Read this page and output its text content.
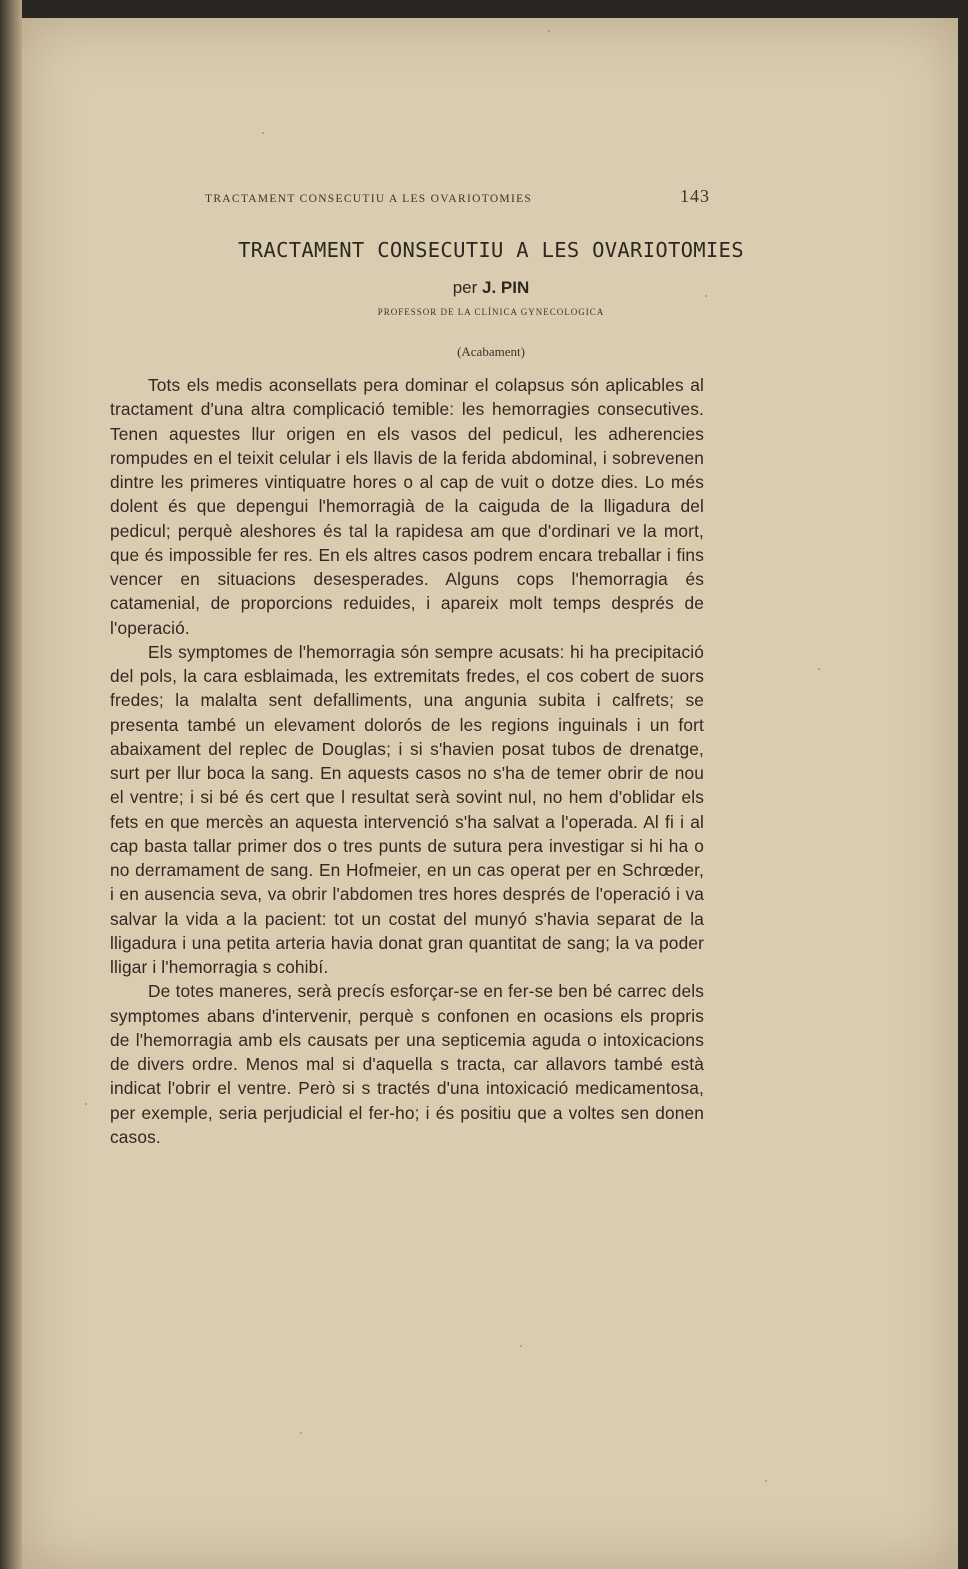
TRACTAMENT CONSECUTIU A LES OVARIOTOMIES	143
TRACTAMENT CONSECUTIU A LES OVARIOTOMIES
per J. PIN
PROFESSOR DE LA CLÍNICA GYNECOLOGICA
(Acabament)

Tots els medis aconsellats pera dominar el colapsus són aplicables al tractament d'una altra complicació temible: les hemorragies consecutives. Tenen aquestes llur origen en els vasos del pedicul, les adherencies rompudes en el teixit celular i els llavis de la ferida abdominal, i sobrevenen dintre les primeres vintiquatre hores o al cap de vuit o dotze dies. Lo més dolent és que depengui l'hemorragià de la caiguda de la lligadura del pedicul; perquè aleshores és tal la rapidesa am que d'ordinari ve la mort, que és impossible fer res. En els altres casos podrem encara treballar i fins vencer en situacions desesperades. Alguns cops l'hemorragia és catamenial, de proporcions reduides, i apareix molt temps després de l'operació.

Els symptomes de l'hemorragia són sempre acusats: hi ha precipitació del pols, la cara esblaimada, les extremitats fredes, el cos cobert de suors fredes; la malalta sent defalliments, una angunia subita i calfrets; se presenta també un elevament dolorós de les regions inguinals i un fort abaixament del replec de Douglas; i si s'havien posat tubos de drenatge, surt per llur boca la sang. En aquests casos no s'ha de temer obrir de nou el ventre; i si bé és cert que l resultat serà sovint nul, no hem d'oblidar els fets en que mercès an aquesta intervenció s'ha salvat a l'operada. Al fi i al cap basta tallar primer dos o tres punts de sutura pera investigar si hi ha o no derramament de sang. En Hofmeier, en un cas operat per en Schrœder, i en ausencia seva, va obrir l'abdomen tres hores després de l'operació i va salvar la vida a la pacient: tot un costat del munyó s'havia separat de la lligadura i una petita arteria havia donat gran quantitat de sang; la va poder lligar i l'hemorragia s cohibí.

De totes maneres, serà precís esforçar-se en fer-se ben bé carrec dels symptomes abans d'intervenir, perquè s confonen en ocasions els propris de l'hemorragia amb els causats per una septicemia aguda o intoxicacions de divers ordre. Menos mal si d'aquella s tracta, car allavors també està indicat l'obrir el ventre. Però si s tractés d'una intoxicació medicamentosa, per exemple, seria perjudicial el fer-ho; i és positiu que a voltes sen donen casos.
